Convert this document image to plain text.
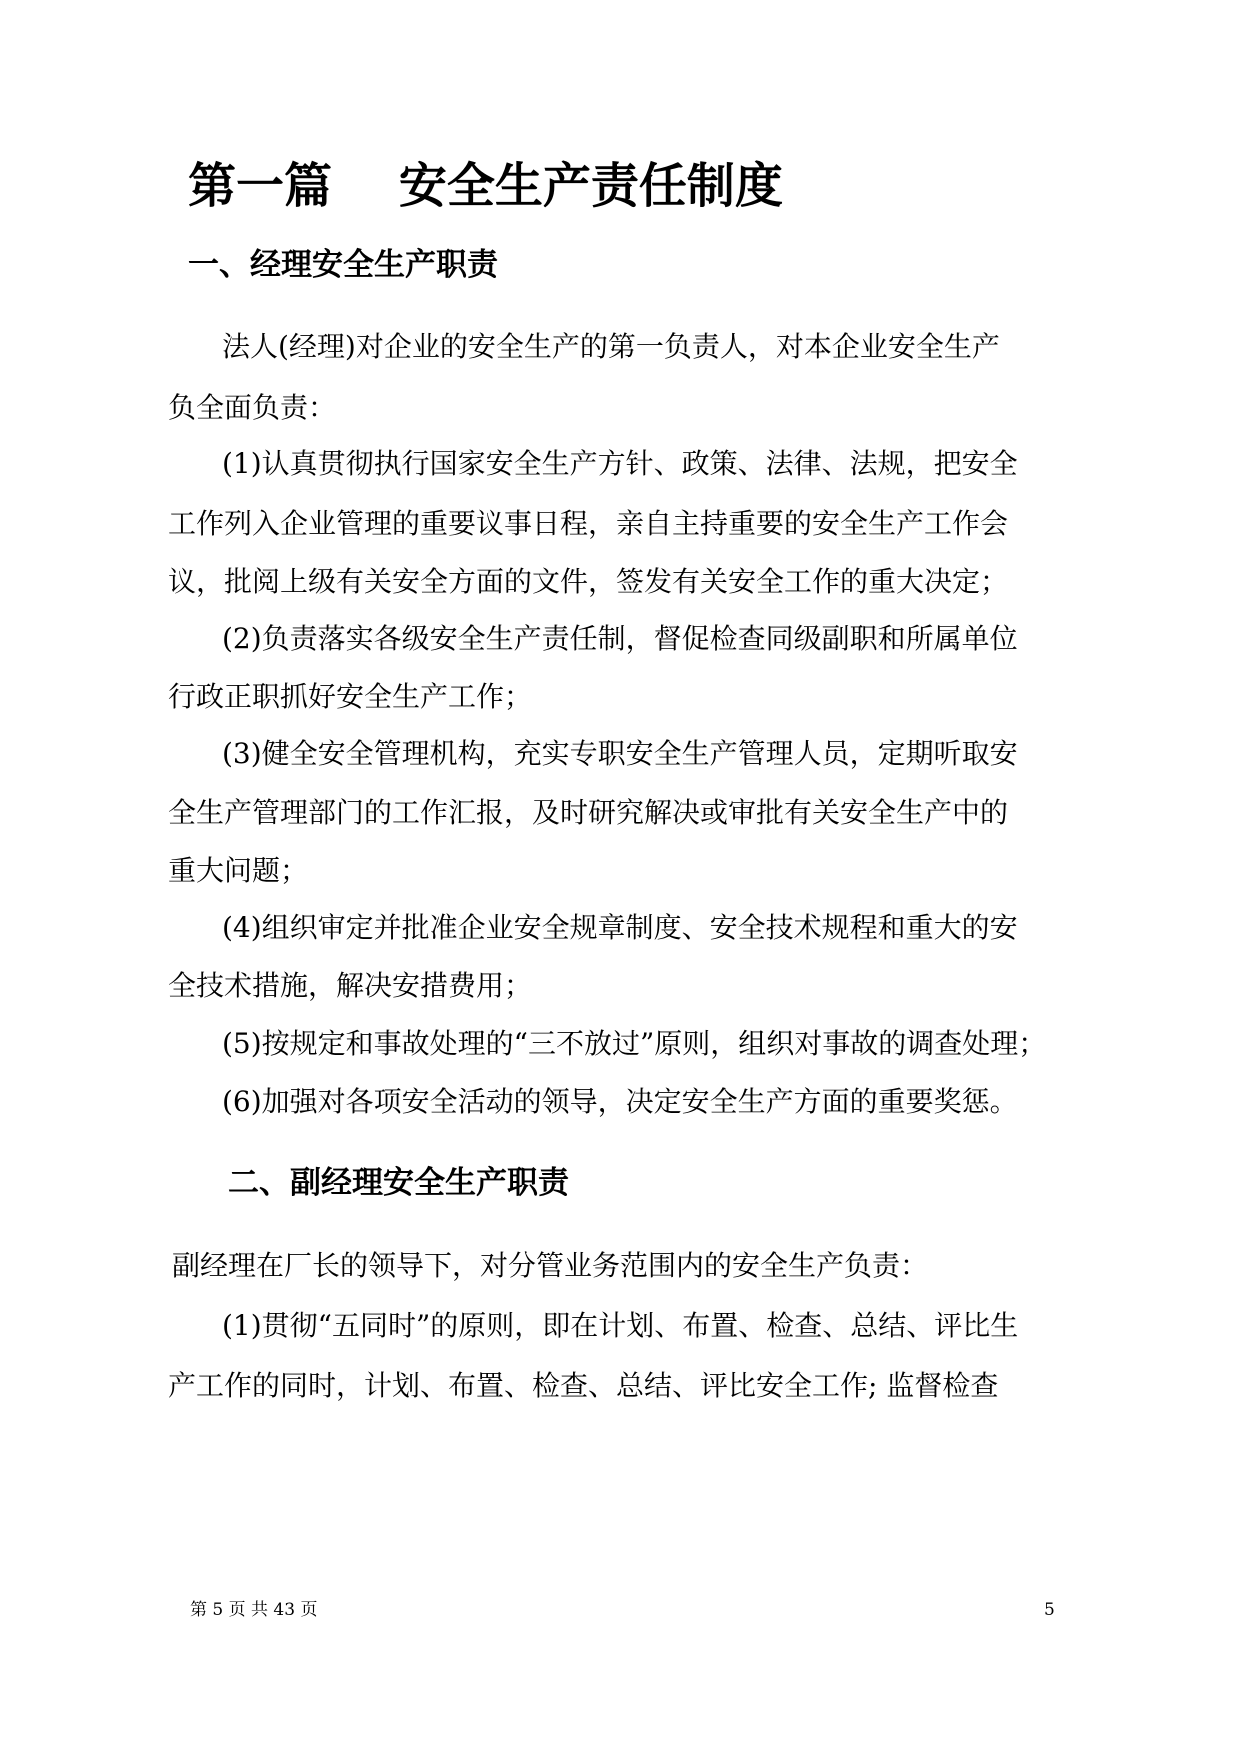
第一篇    安全生产责任制度
一、经理安全生产职责

法人(经理)对企业的安全生产的第一负责人，对本企业安全生产

负全面负责：

(1)认真贯彻执行国家安全生产方针、政策、法律、法规，把安全

工作列入企业管理的重要议事日程，亲自主持重要的安全生产工作会

议，批阅上级有关安全方面的文件，签发有关安全工作的重大决定；

(2)负责落实各级安全生产责任制，督促检查同级副职和所属单位

行政正职抓好安全生产工作；

(3)健全安全管理机构，充实专职安全生产管理人员，定期听取安

全生产管理部门的工作汇报，及时研究解决或审批有关安全生产中的

重大问题；

(4)组织审定并批准企业安全规章制度、安全技术规程和重大的安

全技术措施，解决安措费用；

(5)按规定和事故处理的“三不放过”原则，组织对事故的调查处理；

(6)加强对各项安全活动的领导，决定安全生产方面的重要奖惩。

二、副经理安全生产职责

副经理在厂长的领导下，对分管业务范围内的安全生产负责：

(1)贯彻“五同时”的原则，即在计划、布置、检查、总结、评比生

产工作的同时，计划、布置、检查、总结、评比安全工作; 监督检查

第 5 页 共 43 页	5
